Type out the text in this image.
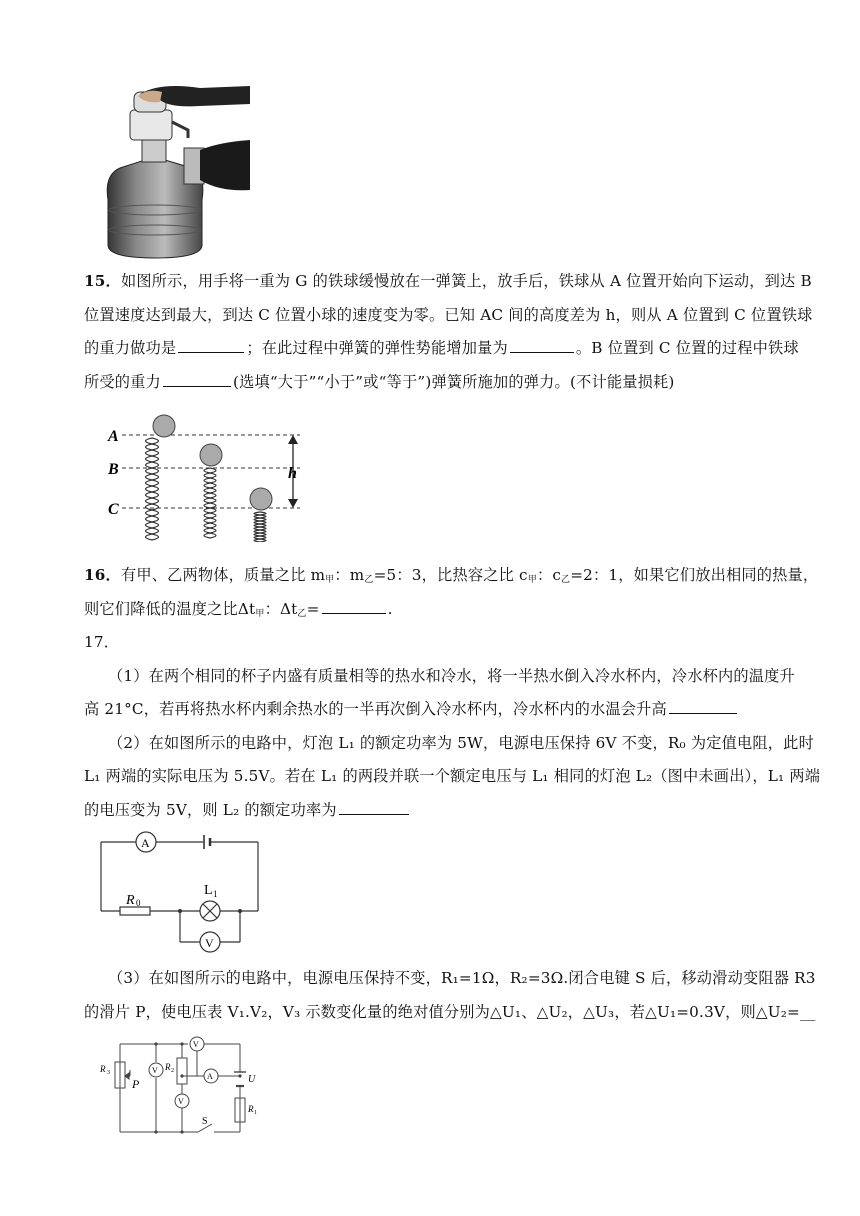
15．如图所示，用手将一重为 G 的铁球缓慢放在一弹簧上，放手后，铁球从 A 位置开始向下运动，到达 B
位置速度达到最大，到达 C 位置小球的速度变为零。已知 AC 间的高度差为 h，则从 A 位置到 C 位置铁球
的重力做功是	；在此过程中弹簧的弹性势能增加量为	。B 位置到 C 位置的过程中铁球
所受的重力	(选填“大于”“小于”或“等于”)弹簧所施加的弹力。(不计能量损耗)
A
B
C
h
16．有甲、乙两物体，质量之比 $m_甲$：$m_乙=5$：3，比热容之比 $c_甲$：$c_乙=2$：1，如果它们放出相同的热量，
则它们降低的温度之比$\Delta t_甲$：$\Delta t_乙=$	.
17．
（1）在两个相同的杯子内盛有质量相等的热水和冷水，将一半热水倒入冷水杯内，冷水杯内的温度升
高 21°C，若再将热水杯内剩余热水的一半再次倒入冷水杯内，冷水杯内的水温会升高
（2）在如图所示的电路中，灯泡 L₁ 的额定功率为 5W，电源电压保持 6V 不变，R₀ 为定值电阻，此时
L₁ 两端的实际电压为 5.5V。若在 L₁ 的两段并联一个额定电压与 L₁ 相同的灯泡 L₂（图中未画出），L₁ 两端
的电压变为 5V，则 L₂ 的额定功率为
A
V
R 0
L 1
（3）在如图所示的电路中，电源电压保持不变，R₁=1Ω，R₂=3Ω.闭合电键 S 后，移动滑动变阻器 R3
的滑片 P，使电压表 V₁.V₂，V₃ 示数变化量的绝对值分别为△U₁、△U₂，△U₃，若△U₁=0.3V，则△U₂=__
R 3
P
R 2
V
V
V
A	U
R 1
S
